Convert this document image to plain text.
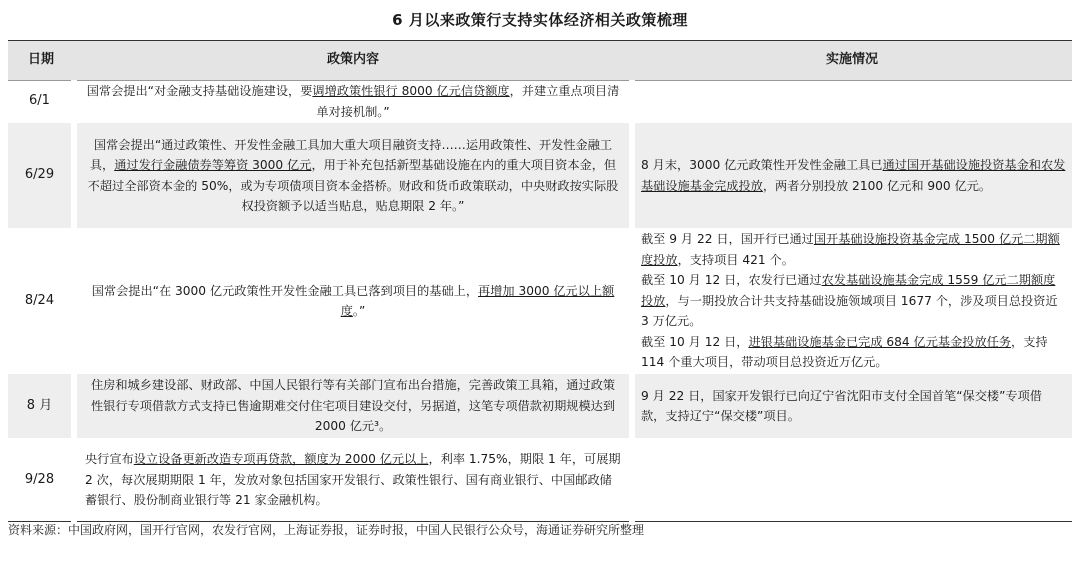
6 月以来政策行支持实体经济相关政策梳理
日期	政策内容	实施情况
6/1	国常会提出“对金融支持基础设施建设，要调增政策性银行 8000 亿元信贷额度，并建立重点项目清单对接机制。”	
6/29	国常会提出“通过政策性、开发性金融工具加大重大项目融资支持……运用政策性、开发性金融工具，通过发行金融债券等筹资 3000 亿元，用于补充包括新型基础设施在内的重大项目资本金，但不超过全部资本金的 50%，或为专项债项目资本金搭桥。财政和货币政策联动，中央财政按实际股权投资额予以适当贴息，贴息期限 2 年。”	8 月末，3000 亿元政策性开发性金融工具已通过国开基础设施投资基金和农发基础设施基金完成投放，两者分别投放 2100 亿元和 900 亿元。

8/24	国常会提出“在 3000 亿元政策性开发性金融工具已落到项目的基础上，再增加 3000 亿元以上额度。”	截至 9 月 22 日，国开行已通过国开基础设施投资基金完成 1500 亿元二期额度投放，支持项目 421 个。
截至 10 月 12 日，农发行已通过农发基础设施基金完成 1559 亿元二期额度投放，与一期投放合计共支持基础设施领域项目 1677 个，涉及项目总投资近 3 万亿元。
截至 10 月 12 日，进银基础设施基金已完成 684 亿元基金投放任务，支持 114 个重大项目，带动项目总投资近万亿元。

8 月	住房和城乡建设部、财政部、中国人民银行等有关部门宣布出台措施，完善政策工具箱，通过政策性银行专项借款方式支持已售逾期难交付住宅项目建设交付，另据道，这笔专项借款初期规模达到 2000 亿元³。	9 月 22 日，国家开发银行已向辽宁省沈阳市支付全国首笔“保交楼”专项借款，支持辽宁“保交楼”项目。

9/28	央行宣布设立设备更新改造专项再贷款，额度为 2000 亿元以上，利率 1.75%，期限 1 年，可展期 2 次，每次展期期限 1 年，发放对象包括国家开发银行、政策性银行、国有商业银行、中国邮政储蓄银行、股份制商业银行等 21 家金融机构。	
资料来源：中国政府网，国开行官网，农发行官网，上海证券报，证券时报，中国人民银行公众号，海通证券研究所整理
